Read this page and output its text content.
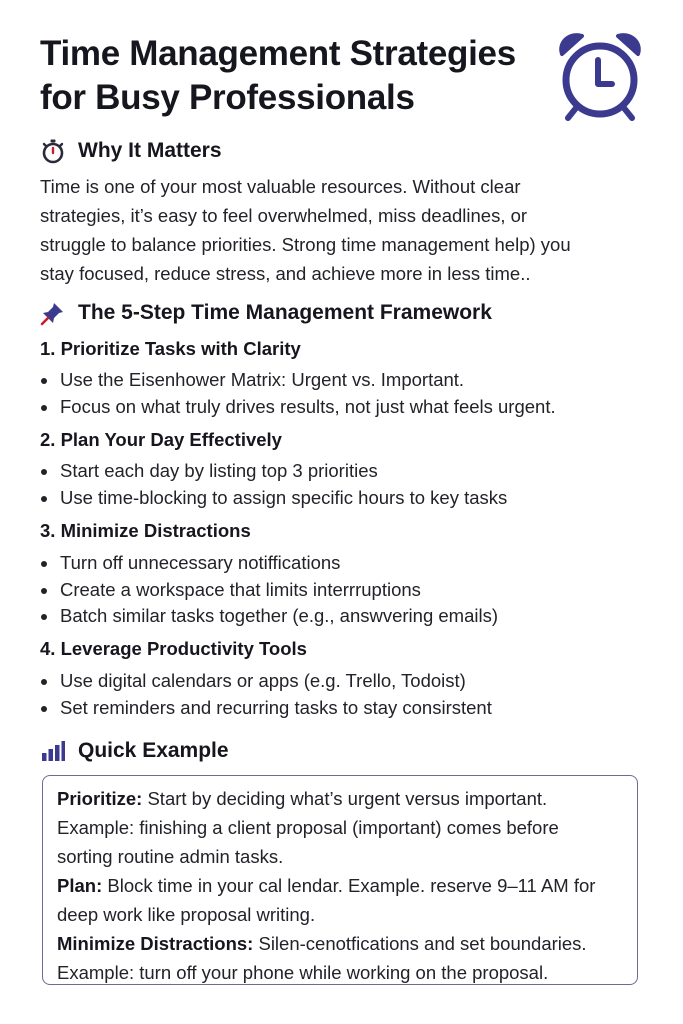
Time Management Strategies
for Busy Professionals
Why It Matters

Time is one of your most valuable resources. Without clear
strategies, it’s easy to feel overwhelmed, miss deadlines, or
struggle to balance priorities. Strong time management help) you
stay focused, reduce stress, and achieve more in less time..

The 5-Step Time Management Framework
1. Prioritize Tasks with Clarity
Use the Eisenhower Matrix: Urgent vs. Important.
Focus on what truly drives results, not just what feels urgent.
2. Plan Your Day Effectively
Start each day by listing top 3 priorities
Use time-blocking to assign specific hours to key tasks
3. Minimize Distractions
Turn off unnecessary notiffications
Create a workspace that limits interrruptions
Batch similar tasks together (e.g., answvering emails)
4. Leverage Productivity Tools
Use digital calendars or apps (e.g. Trello, Todoist)
Set reminders and recurring tasks to stay consirstent
Quick Example

Prioritize: Start by deciding what’s urgent versus important.

Example: finishing a client proposal (important) comes before

sorting routine admin tasks.

Plan: Block time in your cal lendar. Example. reserve 9–11 AM for

deep work like proposal writing.

Minimize Distractions: Silen-cenotfications and set boundaries.

Example: turn off your phone while working on the proposal.
